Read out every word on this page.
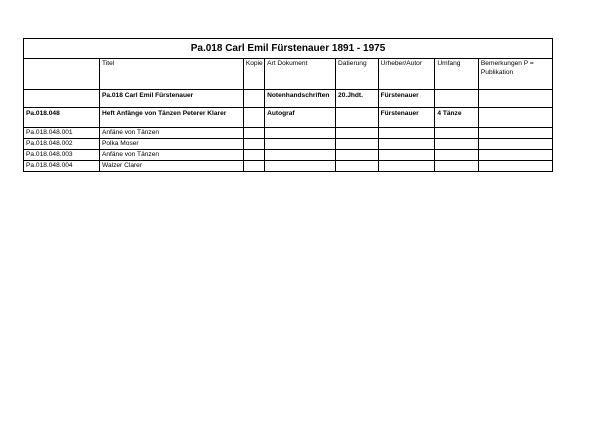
Pa.018 Carl Emil Fürstenauer 1891 - 1975							
	Titel	Kopie	Art Dokument	Datierung	Urheber/Autor	Umfang	Bemerkungen P = Publikation
	Pa.018 Carl Emil Fürstenauer		Notenhandschriften	20.Jhdt.	Fürstenauer		
Pa.018.048	Heft Anfänge von Tänzen Peterer Klarer		Autograf		Fürstenauer	4 Tänze	
Pa.018.048.001	Anfäne von Tänzen						
Pa.018.048.002	Polka Moser						
Pa.018.048.003	Anfäne von Tänzen						
Pa.018.048.004	Walzer Clarer						
